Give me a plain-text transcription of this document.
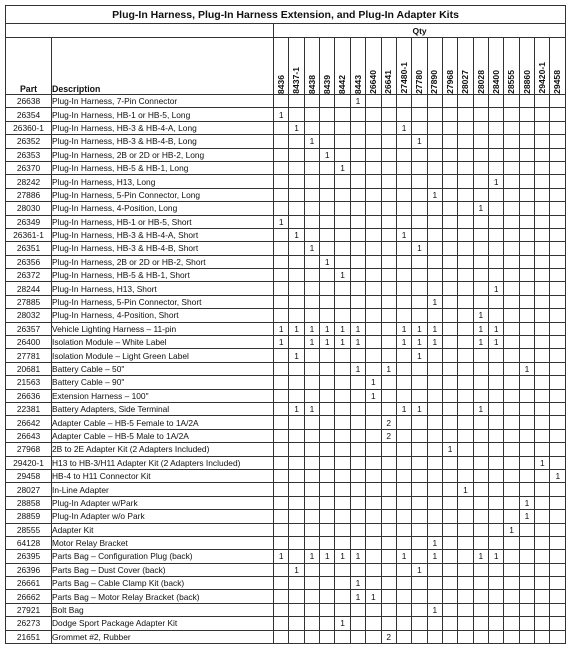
Plug-In Harness, Plug-In Harness Extension, and Plug-In Adapter Kits																				
		Qty																		
Part	Description	8436	8437-1	8438	8439	8442	8443	26640	26641	27480-1	27780	27890	27968	28027	28028	28400	28555	28860	29420-1	29458

26638	Plug-In Harness, 7-Pin Connector						1													
26354	Plug-In Harness, HB-1 or HB-5, Long	1																		
26360-1	Plug-In Harness, HB-3 & HB-4-A, Long		1							1										
26352	Plug-In Harness, HB-3 & HB-4-B, Long			1							1									
26353	Plug-In Harness, 2B or 2D or HB-2, Long				1															
26370	Plug-In Harness, HB-5 & HB-1, Long					1														
28242	Plug-In Harness, H13, Long															1				
27886	Plug-In Harness, 5-Pin Connector, Long											1								
28030	Plug-In Harness, 4-Position, Long														1					
26349	Plug-In Harness, HB-1 or HB-5, Short	1																		
26361-1	Plug-In Harness, HB-3 & HB-4-A, Short		1							1										
26351	Plug-In Harness, HB-3 & HB-4-B, Short			1							1									
26356	Plug-In Harness, 2B or 2D or HB-2, Short				1															
26372	Plug-In Harness, HB-5 & HB-1, Short					1														
28244	Plug-In Harness, H13, Short															1				
27885	Plug-In Harness, 5-Pin Connector, Short											1								
28032	Plug-In Harness, 4-Position, Short														1					
26357	Vehicle Lighting Harness – 11-pin	1	1	1	1	1	1			1	1	1			1	1				
26400	Isolation Module – White Label	1		1	1	1	1			1	1	1			1	1				
27781	Isolation Module – Light Green Label		1								1									
20681	Battery Cable – 50"						1		1									1		
21563	Battery Cable – 90"							1												
26636	Extension Harness – 100"							1												
22381	Battery Adapters, Side Terminal		1	1						1	1				1					
26642	Adapter Cable – HB-5 Female to 1A/2A								2											
26643	Adapter Cable – HB-5 Male to 1A/2A								2											
27968	2B to 2E Adapter Kit (2 Adapters Included)												1							
29420-1	H13 to HB-3/H11 Adapter Kit (2 Adapters Included)																		1	
29458	HB-4 to H11 Connector Kit																			1
28027	In-Line Adapter													1						
28858	Plug-In Adapter w/Park																	1		
28859	Plug-In Adapter w/o Park																	1		
28555	Adapter Kit																1			
64128	Motor Relay Bracket											1								
26395	Parts Bag – Configuration Plug (back)	1		1	1	1	1			1		1			1	1				
26396	Parts Bag – Dust Cover (back)		1								1									
26661	Parts Bag – Cable Clamp Kit (back)						1													
26662	Parts Bag – Motor Relay Bracket (back)						1	1												
27921	Bolt Bag											1								
26273	Dodge Sport Package Adapter Kit					1														
21651	Grommet #2, Rubber								2											
